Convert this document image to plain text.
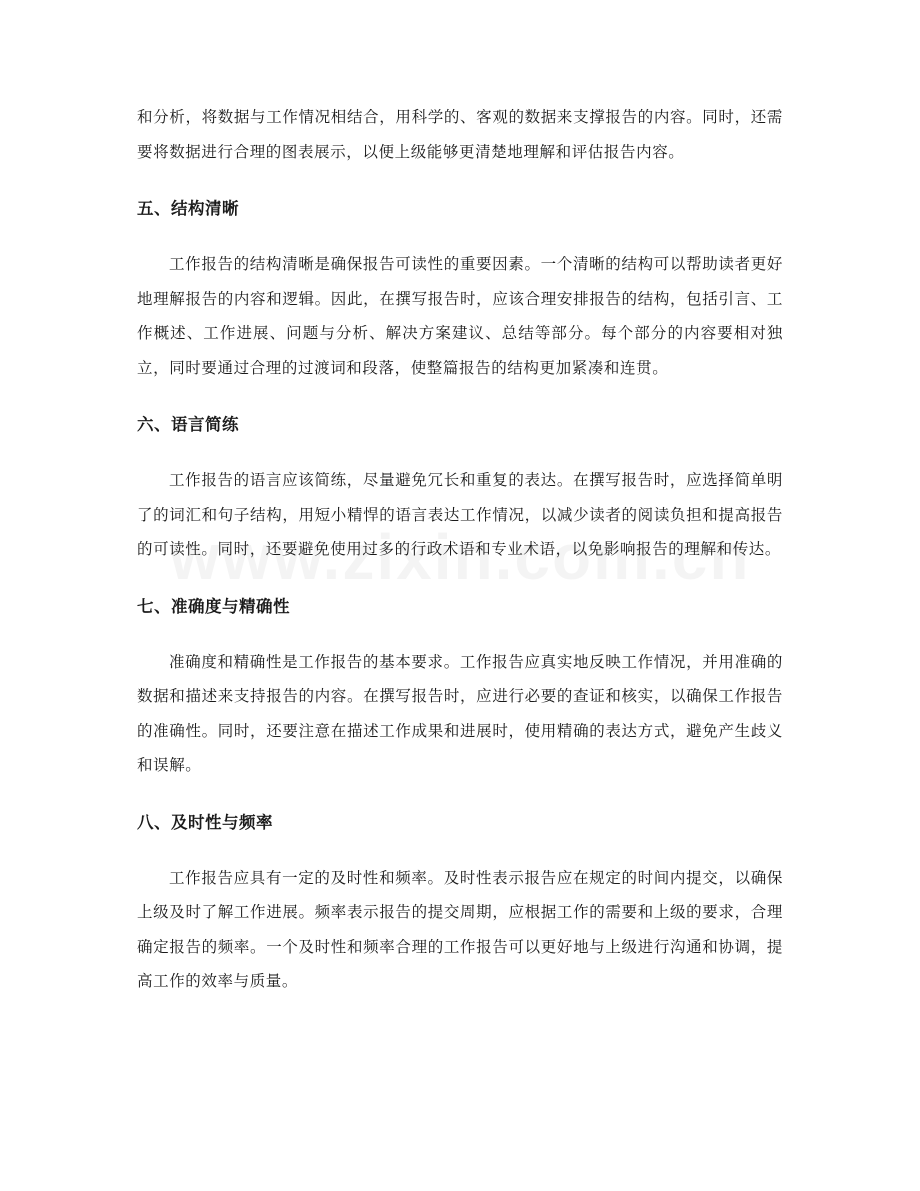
和分析，将数据与工作情况相结合，用科学的、客观的数据来支撑报告的内容。同时，还需要将数据进行合理的图表展示，以便上级能够更清楚地理解和评估报告内容。

五、结构清晰

工作报告的结构清晰是确保报告可读性的重要因素。一个清晰的结构可以帮助读者更好地理解报告的内容和逻辑。因此，在撰写报告时，应该合理安排报告的结构，包括引言、工作概述、工作进展、问题与分析、解决方案建议、总结等部分。每个部分的内容要相对独立，同时要通过合理的过渡词和段落，使整篇报告的结构更加紧凑和连贯。

六、语言简练

工作报告的语言应该简练，尽量避免冗长和重复的表达。在撰写报告时，应选择简单明了的词汇和句子结构，用短小精悍的语言表达工作情况，以减少读者的阅读负担和提高报告的可读性。同时，还要避免使用过多的行政术语和专业术语，以免影响报告的理解和传达。

七、准确度与精确性

准确度和精确性是工作报告的基本要求。工作报告应真实地反映工作情况，并用准确的数据和描述来支持报告的内容。在撰写报告时，应进行必要的查证和核实，以确保工作报告的准确性。同时，还要注意在描述工作成果和进展时，使用精确的表达方式，避免产生歧义和误解。

八、及时性与频率

工作报告应具有一定的及时性和频率。及时性表示报告应在规定的时间内提交，以确保上级及时了解工作进展。频率表示报告的提交周期，应根据工作的需要和上级的要求，合理确定报告的频率。一个及时性和频率合理的工作报告可以更好地与上级进行沟通和协调，提高工作的效率与质量。
